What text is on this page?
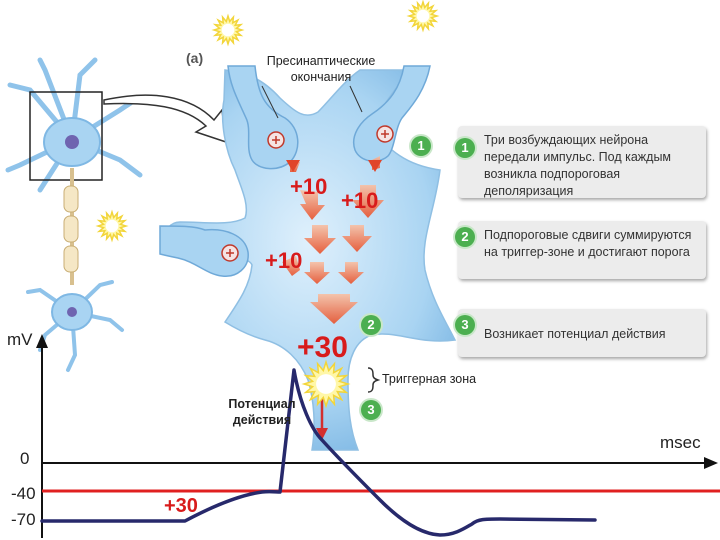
(a)	Пресинаптические
окончания
1	Три возбуждающих нейрона передали импульс. Под каждым возникла подпороговая деполяризация
2	Подпороговые сдвиги суммируются на триггер-зоне и достигают порога
3
Возникает потенциал действия
1
2
3
+10
+10
+10
+30
Триггерная зона
Потенциал
действия
mV
msec
0
-40
-70
+30
